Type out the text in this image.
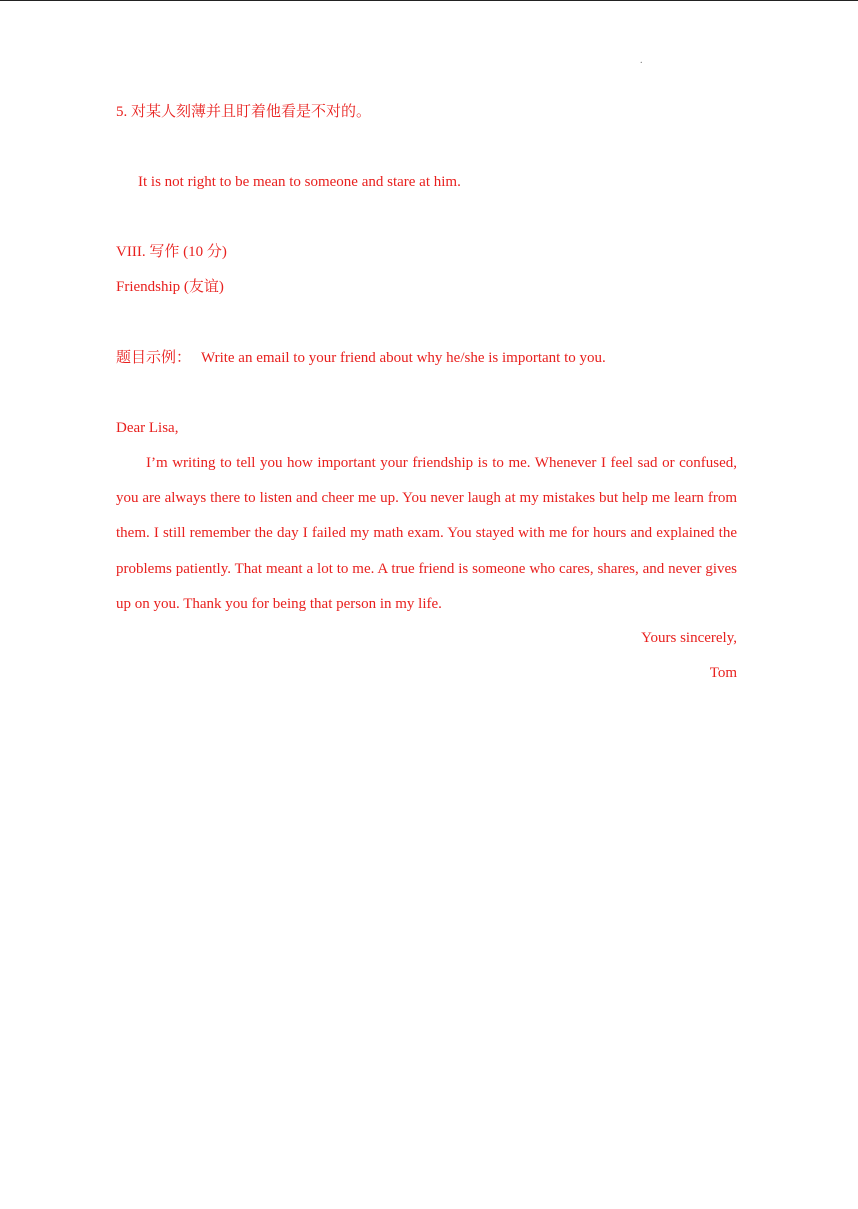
.
5. 对某人刻薄并且盯着他看是不对的。
It is not right to be mean to someone and stare at him.
VIII. 写作 (10 分)
Friendship (友谊)
题目示例： Write an email to your friend about why he/she is important to you.
Dear Lisa,

I’m writing to tell you how important your friendship is to me. Whenever I feel sad or confused, you are always there to listen and cheer me up. You never laugh at my mistakes but help me learn from them. I still remember the day I failed my math exam. You stayed with me for hours and explained the problems patiently. That meant a lot to me. A true friend is someone who cares, shares, and never gives up on you. Thank you for being that person in my life.

Yours sincerely,
Tom
